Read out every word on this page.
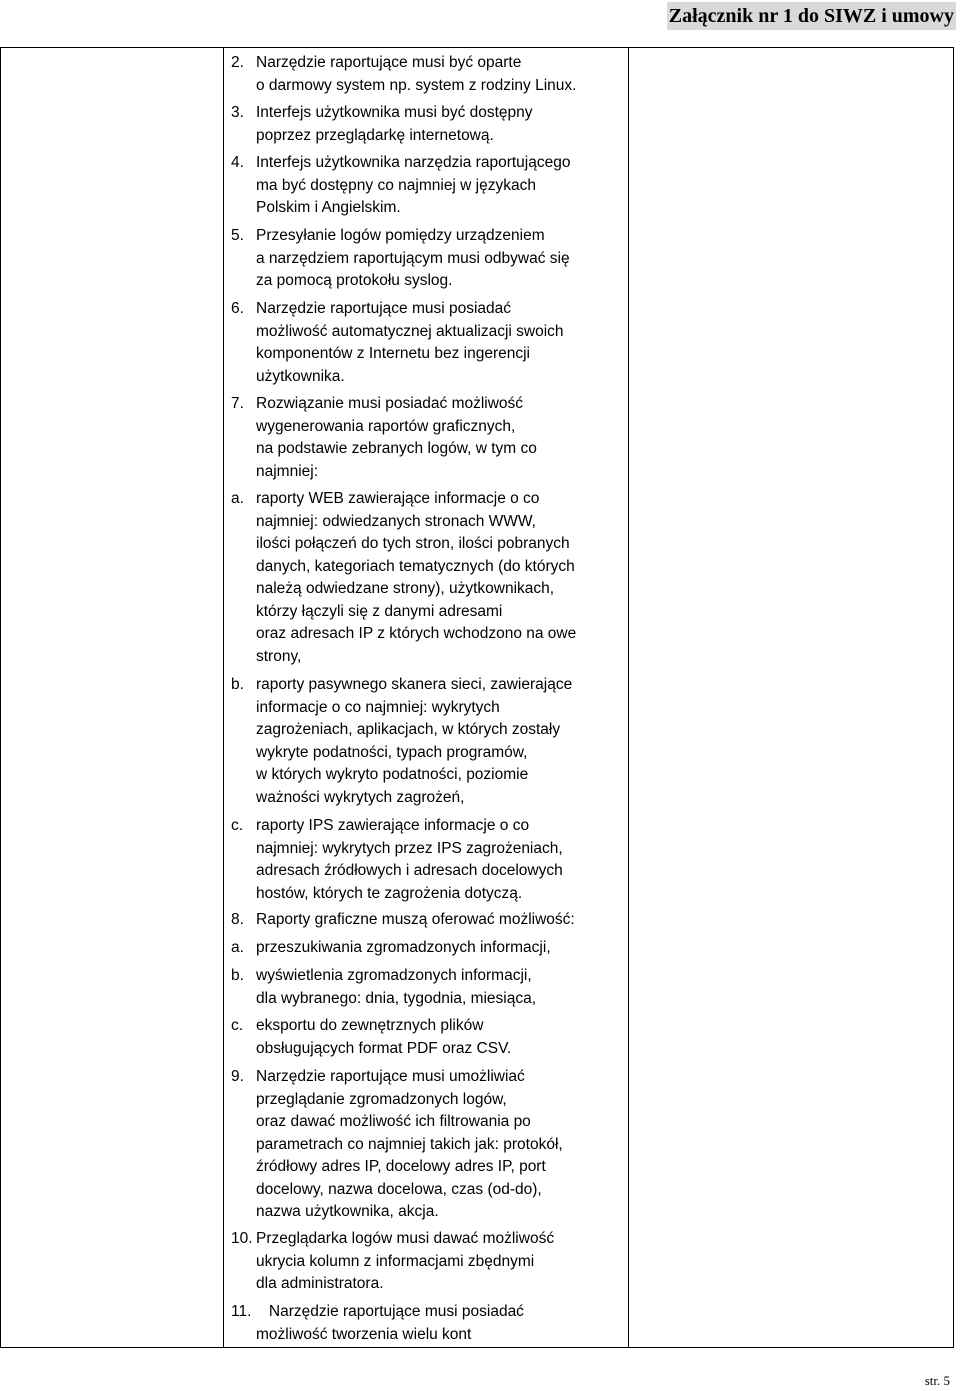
Załącznik nr 1 do SIWZ i umowy
2. Narzędzie raportujące musi być oparte
o darmowy system np. system z rodziny Linux.
3. Interfejs użytkownika musi być dostępny
poprzez przeglądarkę internetową.
4. Interfejs użytkownika narzędzia raportującego
ma być dostępny co najmniej w językach
Polskim i Angielskim.
5. Przesyłanie logów pomiędzy urządzeniem
a narzędziem raportującym musi odbywać się
za pomocą protokołu syslog.
6. Narzędzie raportujące musi posiadać
możliwość automatycznej aktualizacji swoich
komponentów z Internetu bez ingerencji
użytkownika.
7. Rozwiązanie musi posiadać możliwość
wygenerowania raportów graficznych,
na podstawie zebranych logów, w tym co
najmniej:
a. raporty WEB zawierające informacje o co
najmniej: odwiedzanych stronach WWW,
ilości połączeń do tych stron, ilości pobranych
danych, kategoriach tematycznych (do których
należą odwiedzane strony), użytkownikach,
którzy łączyli się z danymi adresami
oraz adresach IP z których wchodzono na owe
strony,
b. raporty pasywnego skanera sieci, zawierające
informacje o co najmniej: wykrytych
zagrożeniach, aplikacjach, w których zostały
wykryte podatności, typach programów,
w których wykryto podatności, poziomie
ważności wykrytych zagrożeń,
c. raporty IPS zawierające informacje o co
najmniej: wykrytych przez IPS zagrożeniach,
adresach źródłowych i adresach docelowych
hostów, których te zagrożenia dotyczą.
8. Raporty graficzne muszą oferować możliwość:
a. przeszukiwania zgromadzonych informacji,
b. wyświetlenia zgromadzonych informacji,
dla wybranego: dnia, tygodnia, miesiąca,
c. eksportu do zewnętrznych plików
obsługujących format PDF oraz CSV.
9. Narzędzie raportujące musi umożliwiać
przeglądanie zgromadzonych logów,
oraz dawać możliwość ich filtrowania po
parametrach co najmniej takich jak: protokół,
źródłowy adres IP, docelowy adres IP, port
docelowy, nazwa docelowa, czas (od-do),
nazwa użytkownika, akcja.
10. Przeglądarka logów musi dawać możliwość
ukrycia kolumn z informacjami zbędnymi
dla administratora.
11.	Narzędzie raportujące musi posiadać
możliwość tworzenia wielu kont
str. 5
